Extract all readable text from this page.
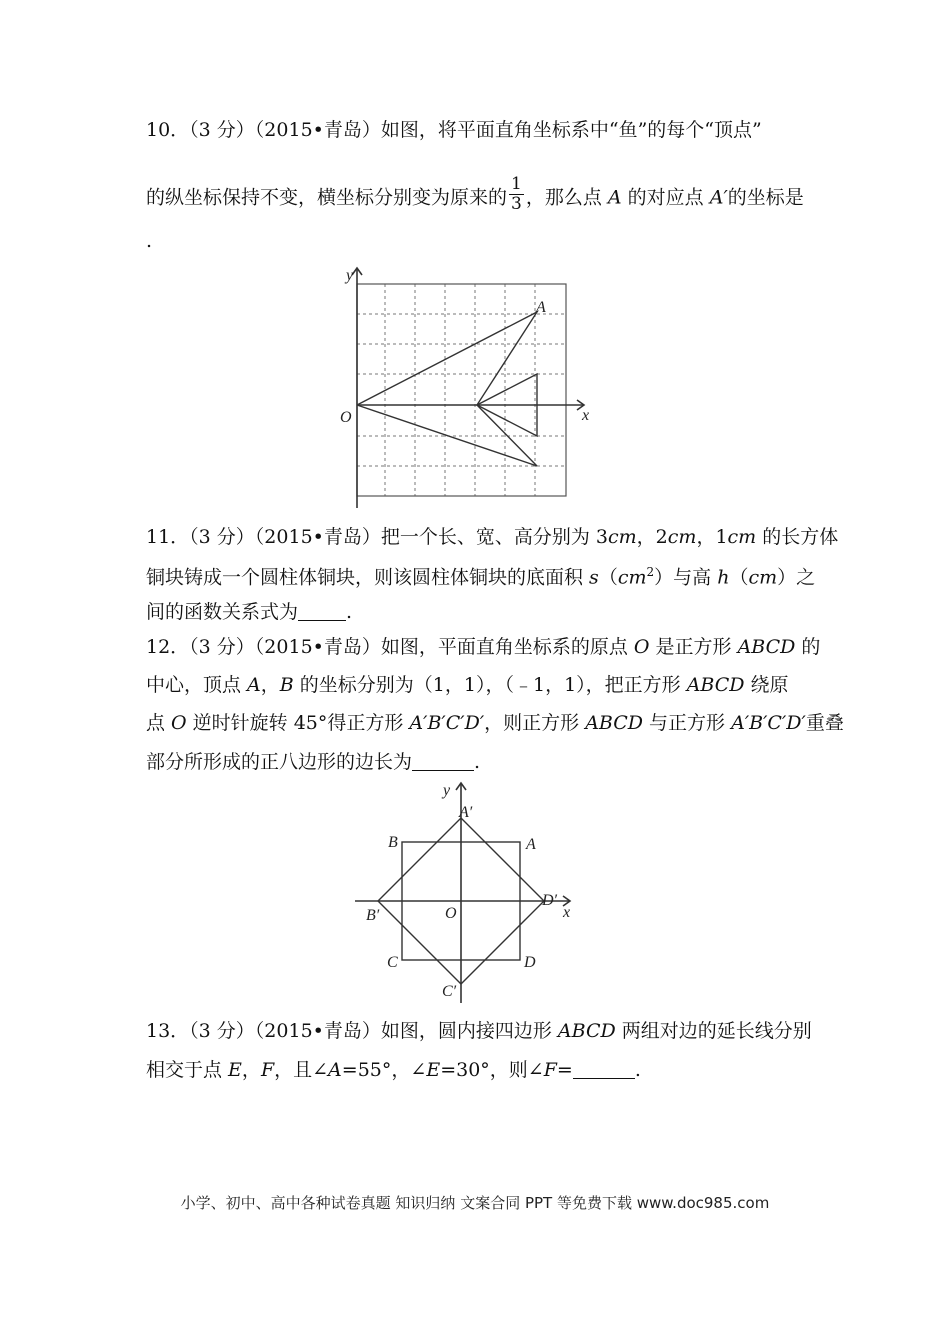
10．（3 分）（2015•青岛）如图，将平面直角坐标系中“鱼”的每个“顶点”
的纵坐标保持不变，横坐标分别变为原来的 $\frac{1}{3}$ ，那么点 A 的对应点 A′的坐标是
.
y
x
O
A
11．（3 分）（2015•青岛）把一个长、宽、高分别为 3cm，2cm，1cm 的长方体
铜块铸成一个圆柱体铜块，则该圆柱体铜块的底面积 $s(cm^2)$与高 h（cm）之
间的函数关系式为	.
12．（3 分）（2015•青岛）如图，平面直角坐标系的原点 O 是正方形 ABCD 的
中心，顶点 A，B 的坐标分别为（1，1），（﹣1，1），把正方形 ABCD 绕原
点 O 逆时针旋转 45°得正方形 A′B′C′D′，则正方形 ABCD 与正方形 A′B′C′D′重叠
部分所形成的正八边形的边长为	.
y
x
O
A
B
C	D
A′
B′
C′
D′
13．（3 分）（2015•青岛）如图，圆内接四边形 ABCD 两组对边的延长线分别
相交于点 E，F，且∠A=55°，∠E=30°，则∠F=	.
小学、初中、高中各种试卷真题 知识归纳 文案合同 PPT 等免费下载 www.doc985.com
